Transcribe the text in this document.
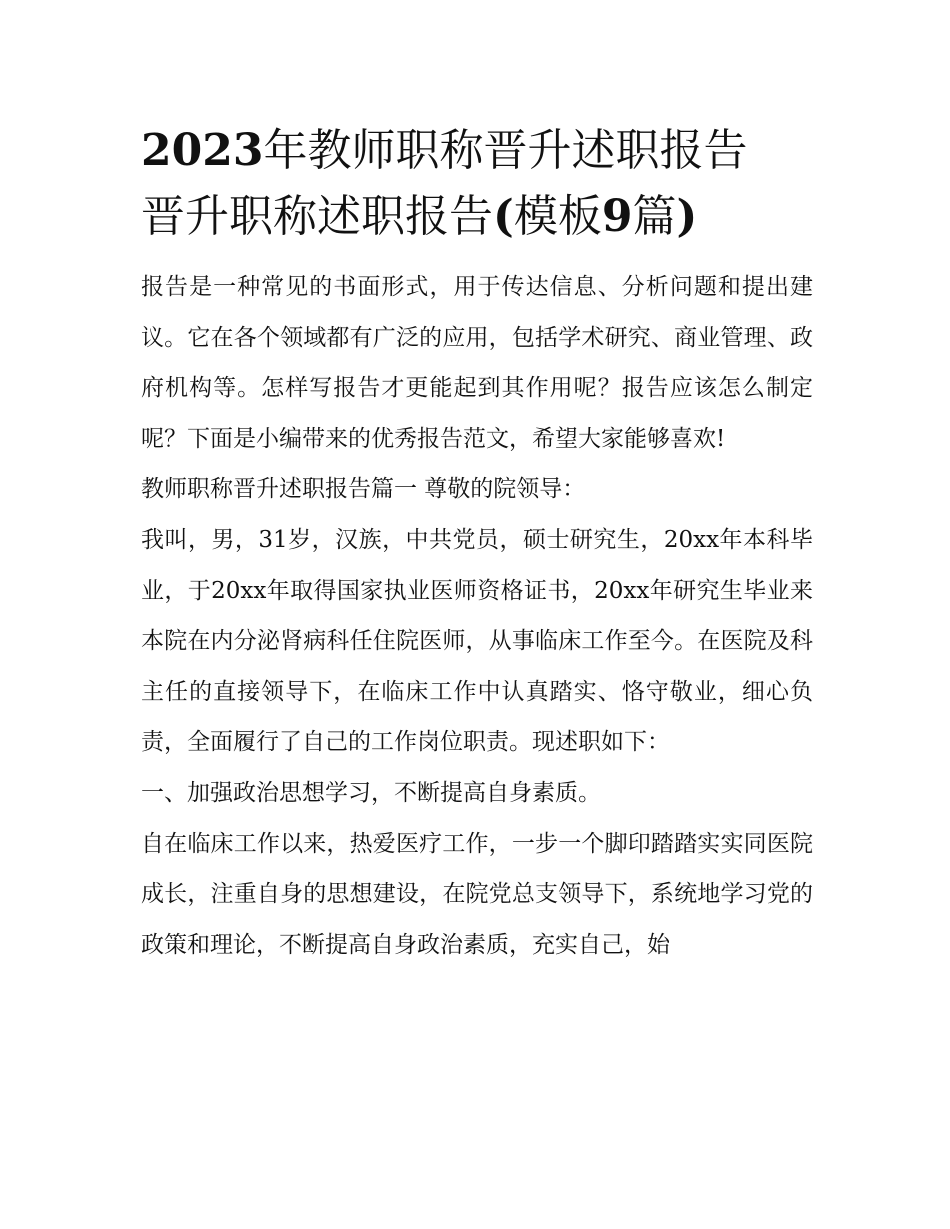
2023年教师职称晋升述职报告
晋升职称述职报告(模板9篇)

报告是一种常见的书面形式，用于传达信息、分析问题和提出建议。它在各个领域都有广泛的应用，包括学术研究、商业管理、政府机构等。怎样写报告才更能起到其作用呢？报告应该怎么制定呢？下面是小编带来的优秀报告范文，希望大家能够喜欢!

教师职称晋升述职报告篇一 尊敬的院领导：

我叫，男，31岁，汉族，中共党员，硕士研究生，20xx年本科毕业，于20xx年取得国家执业医师资格证书，20xx年研究生毕业来本院在内分泌肾病科任住院医师，从事临床工作至今。在医院及科主任的直接领导下，在临床工作中认真踏实、恪守敬业，细心负责，全面履行了自己的工作岗位职责。现述职如下：

一、加强政治思想学习，不断提高自身素质。

自在临床工作以来，热爱医疗工作，一步一个脚印踏踏实实同医院成长，注重自身的思想建设，在院党总支领导下，系统地学习党的政策和理论，不断提高自身政治素质，充实自己，始
